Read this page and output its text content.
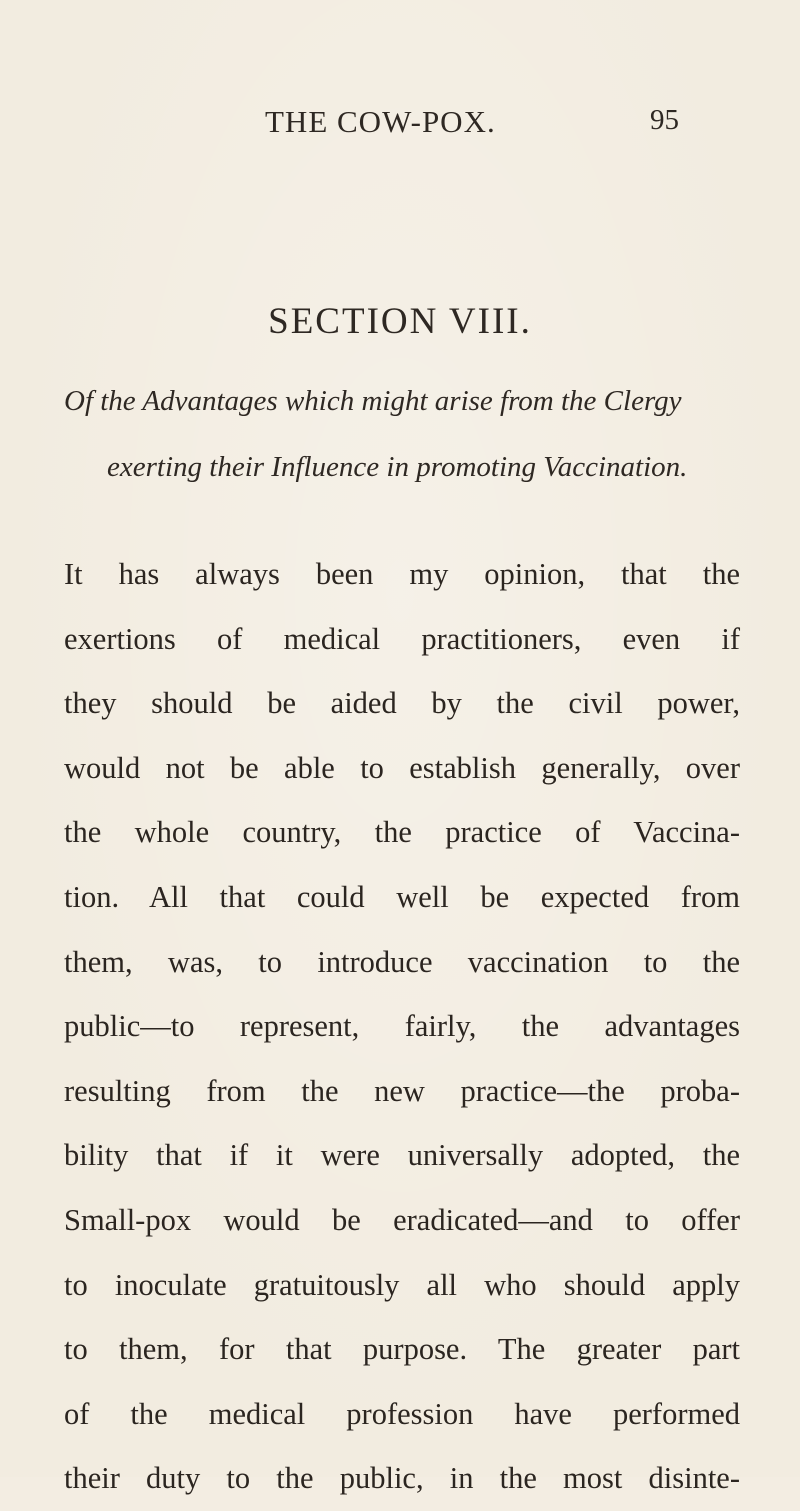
THE COW-POX.	95
SECTION VIII.
Of the Advantages which might arise from the Clergy
exerting their Influence in promoting Vaccination.
It has always been my opinion, that the
exertions of medical practitioners, even if
they should be aided by the civil power,
would not be able to establish generally, over
the whole country, the practice of Vaccina-
tion. All that could well be expected from
them, was, to introduce vaccination to the
public—to represent, fairly, the advantages
resulting from the new practice—the proba-
bility that if it were universally adopted, the
Small-pox would be eradicated—and to offer
to inoculate gratuitously all who should apply
to them, for that purpose. The greater part
of the medical profession have performed
their duty to the public, in the most disinte-
